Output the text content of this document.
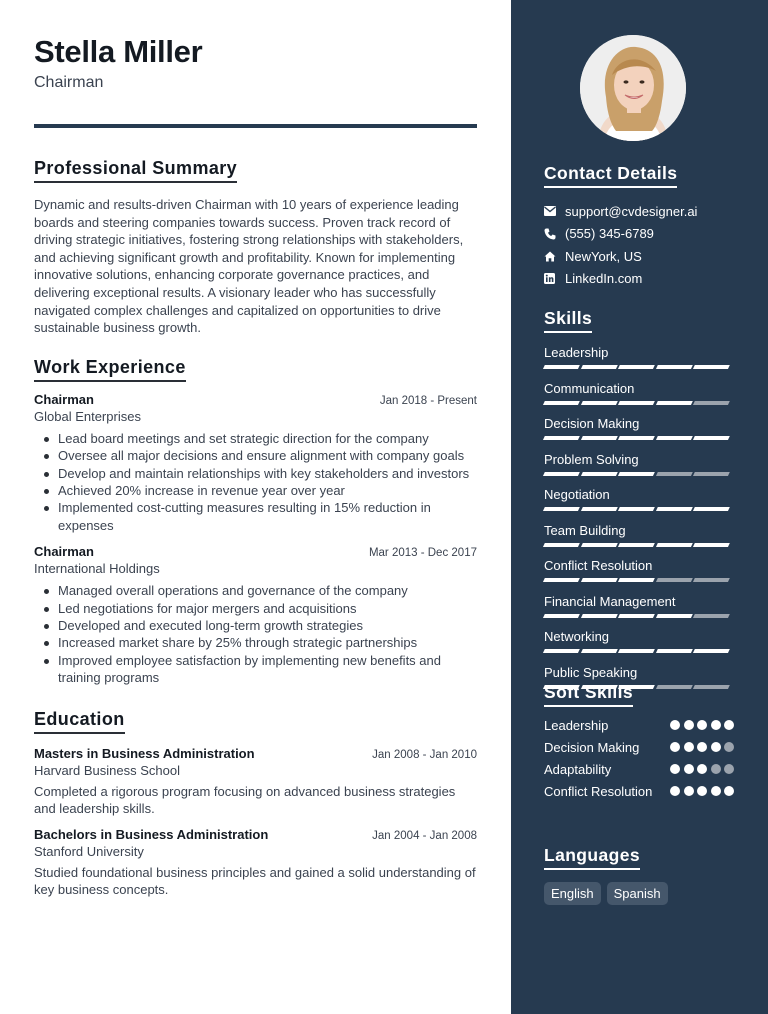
Stella Miller
Chairman
Professional Summary

Dynamic and results-driven Chairman with 10 years of experience leading boards and steering companies towards success. Proven track record of driving strategic initiatives, fostering strong relationships with stakeholders, and achieving significant growth and profitability. Known for implementing innovative solutions, enhancing corporate governance practices, and delivering exceptional results. A visionary leader who has successfully navigated complex challenges and capitalized on opportunities to drive sustainable business growth.

Work Experience
Chairman	Jan 2018 - Present
Global Enterprises
Lead board meetings and set strategic direction for the company
Oversee all major decisions and ensure alignment with company goals
Develop and maintain relationships with key stakeholders and investors
Achieved 20% increase in revenue year over year
Implemented cost-cutting measures resulting in 15% reduction in expenses
Chairman	Mar 2013 - Dec 2017
International Holdings
Managed overall operations and governance of the company
Led negotiations for major mergers and acquisitions
Developed and executed long-term growth strategies
Increased market share by 25% through strategic partnerships
Improved employee satisfaction by implementing new benefits and training programs
Education
Masters in Business Administration	Jan 2008 - Jan 2010
Harvard Business School

Completed a rigorous program focusing on advanced business strategies and leadership skills.

Bachelors in Business Administration	Jan 2004 - Jan 2008
Stanford University

Studied foundational business principles and gained a solid understanding of key business concepts.

Contact Details
support@cvdesigner.ai
(555) 345-6789
NewYork, US
LinkedIn.com
Skills
Leadership
Communication
Decision Making
Problem Solving
Negotiation
Team Building
Conflict Resolution
Financial Management
Networking
Public Speaking
Soft Skills
Leadership
Decision Making
Adaptability
Conflict Resolution
Languages
English	Spanish
